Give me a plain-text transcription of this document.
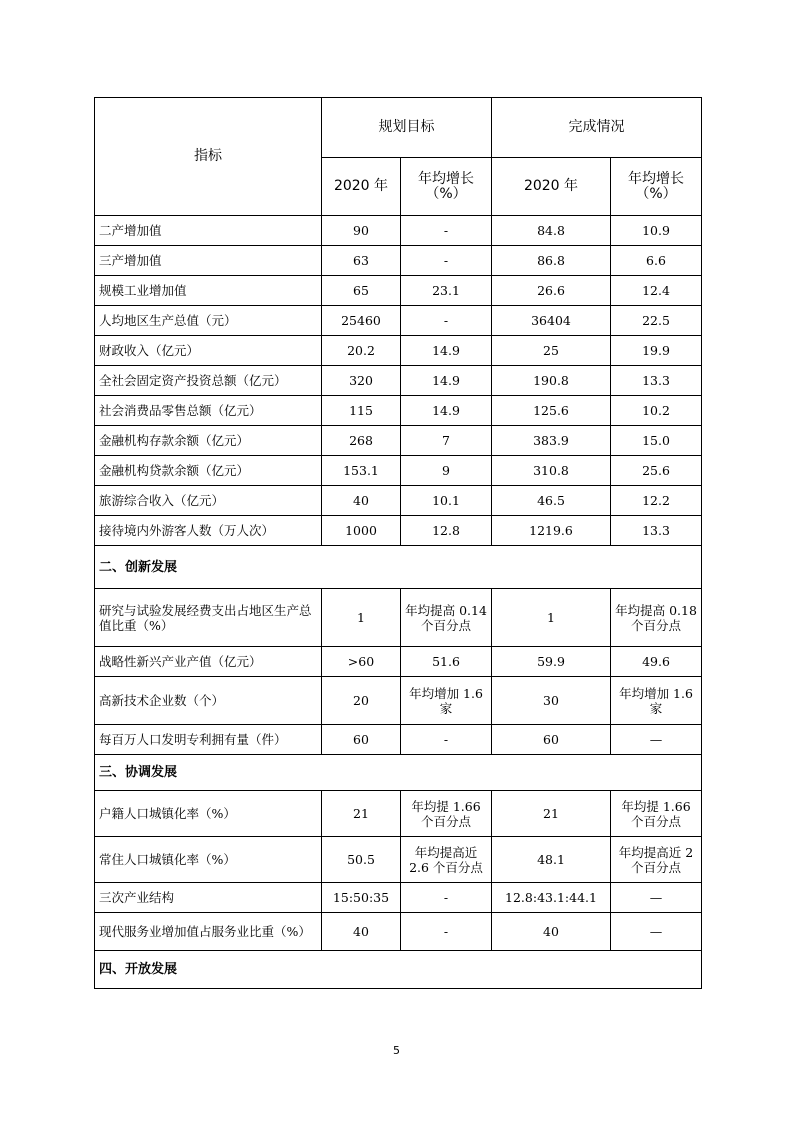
指标	规划目标		完成情况	
	2020 年	年均增长（%）	2020 年	年均增长（%）
二产增加值	90	-	84.8	10.9
三产增加值	63	-	86.8	6.6
规模工业增加值	65	23.1	26.6	12.4
人均地区生产总值（元）	25460	-	36404	22.5
财政收入（亿元）	20.2	14.9	25	19.9
全社会固定资产投资总额（亿元）	320	14.9	190.8	13.3
社会消费品零售总额（亿元）	115	14.9	125.6	10.2
金融机构存款余额（亿元）	268	7	383.9	15.0
金融机构贷款余额（亿元）	153.1	9	310.8	25.6
旅游综合收入（亿元）	40	10.1	46.5	12.2
接待境内外游客人数（万人次）	1000	12.8	1219.6	13.3
二、创新发展				
研究与试验发展经费支出占地区生产总值比重（%）	1	年均提高 0.14 个百分点	1	年均提高 0.18 个百分点
战略性新兴产业产值（亿元）	>60	51.6	59.9	49.6
高新技术企业数（个）	20	年均增加 1.6 家	30	年均增加 1.6 家
每百万人口发明专利拥有量（件）	60	-	60	—
三、协调发展				
户籍人口城镇化率（%）	21	年均提 1.66 个百分点	21	年均提 1.66 个百分点
常住人口城镇化率（%）	50.5	年均提高近 2.6 个百分点	48.1	年均提高近 2 个百分点
三次产业结构	15:50:35	-	12.8:43.1:44.1	—
现代服务业增加值占服务业比重（%）	40	-	40	—
四、开放发展				
5
